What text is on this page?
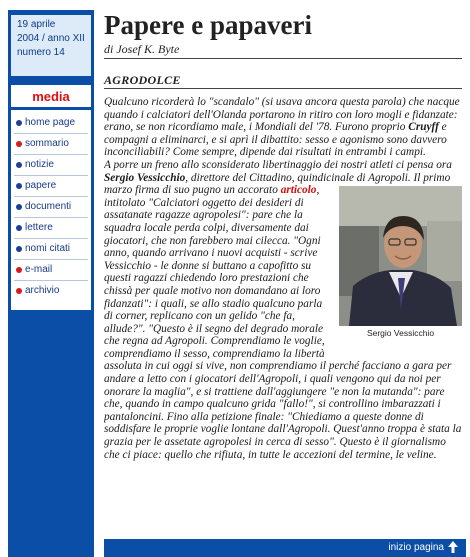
19 aprile
2004 / anno XII
numero 14
media
home page
sommario
notizie
papere
documenti
lettere
nomi citati
e-mail
archivio
Papere e papaveri
di Josef K. Byte
AGRODOLCE

Qualcuno ricorderà lo "scandalo" (si usava ancora questa parola) che nacque quando i calciatori dell'Olanda portarono in ritiro con loro mogli e fidanzate: erano, se non ricordiamo male, i Mondiali del '78. Furono proprio Cruyff e compagni a eliminarci, e si aprì il dibattito: sesso e agonismo sono davvero inconciliabili? Come sempre, dipende dai risultati in entrambi i campi.

A porre un freno allo sconsiderato libertinaggio dei nostri atleti ci pensa ora Sergio Vessicchio, direttore del Cittadino, quindicinale di Agropoli. Il primo marzo firma di suo pugno un accorato articolo
Sergio Vessicchio
, intitolato "Calciatori oggetto dei desideri di assatanate ragazze agropolesi": pare che la squadra locale perda colpi, diversamente dai giocatori, che non farebbero mai cilecca. "Ogni anno, quando arrivano i nuovi acquisti - scrive Vessicchio - le donne si buttano a capofitto su questi ragazzi chiedendo loro prestazioni che chissà per quale motivo non domandano ai loro fidanzati": i quali, se allo stadio qualcuno parla di corner, replicano con un gelido "che fa, allude?". "Questo è il segno del degrado morale che regna ad Agropoli. Comprendiamo le voglie, comprendiamo il sesso, comprendiamo la libertà assoluta in cui oggi si vive, non comprendiamo il perché facciano a gara per andare a letto con i giocatori dell'Agropoli, i quali vengono qui da noi per onorare la maglia", e si trattiene dall'aggiungere "e non la mutanda": pare che, quando in campo qualcuno grida "fallo!", si controllino imbarazzati i pantaloncini. Fino alla petizione finale: "Chiediamo a queste donne di soddisfare le proprie voglie lontane dall'Agropoli. Quest'anno troppa è stata la grazia per le assetate agropolesi in cerca di sesso". Questo è il giornalismo che ci piace: quello che rifiuta, in tutte le accezioni del termine, le veline.

inizio pagina
